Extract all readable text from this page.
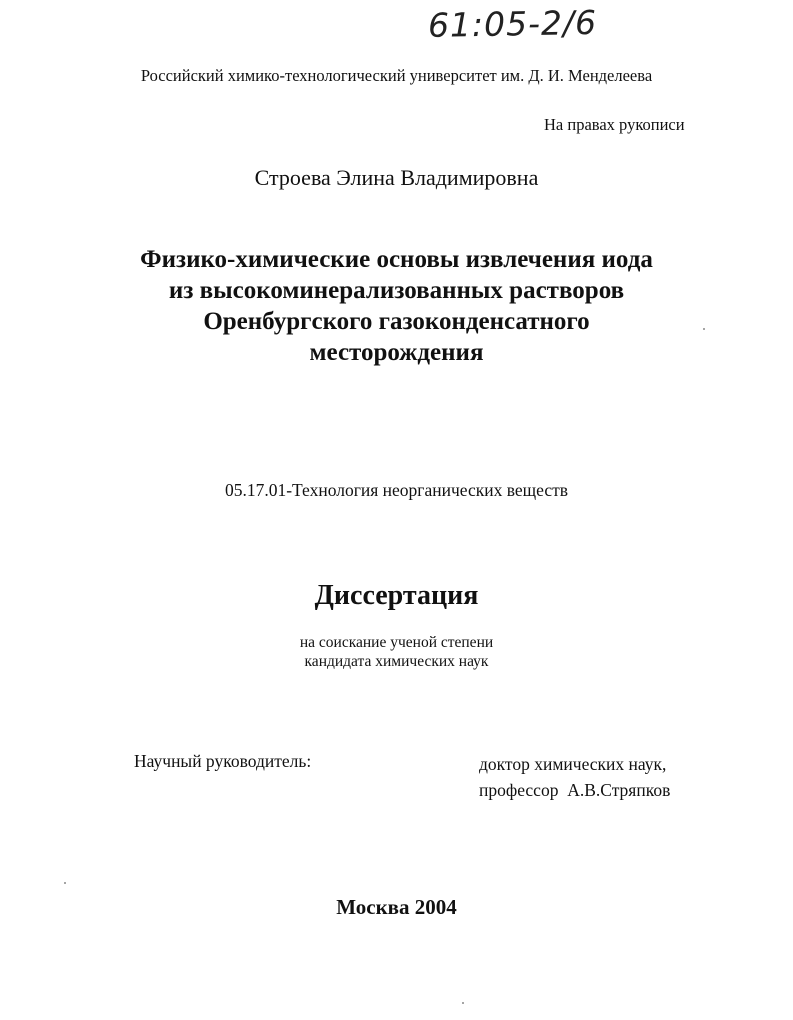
61:05-2/6
Российский химико-технологический университет им. Д. И. Менделеева
На правах рукописи
Строева Элина Владимировна
Физико-химические основы извлечения иода
из высокоминерализованных растворов
Оренбургского газоконденсатного
месторождения
05.17.01-Технология неорганических веществ
Диссертация
на соискание ученой степени
кандидата химических наук
Научный руководитель:	доктор химических наук,
профессор  А.В.Стряпков
Москва 2004
